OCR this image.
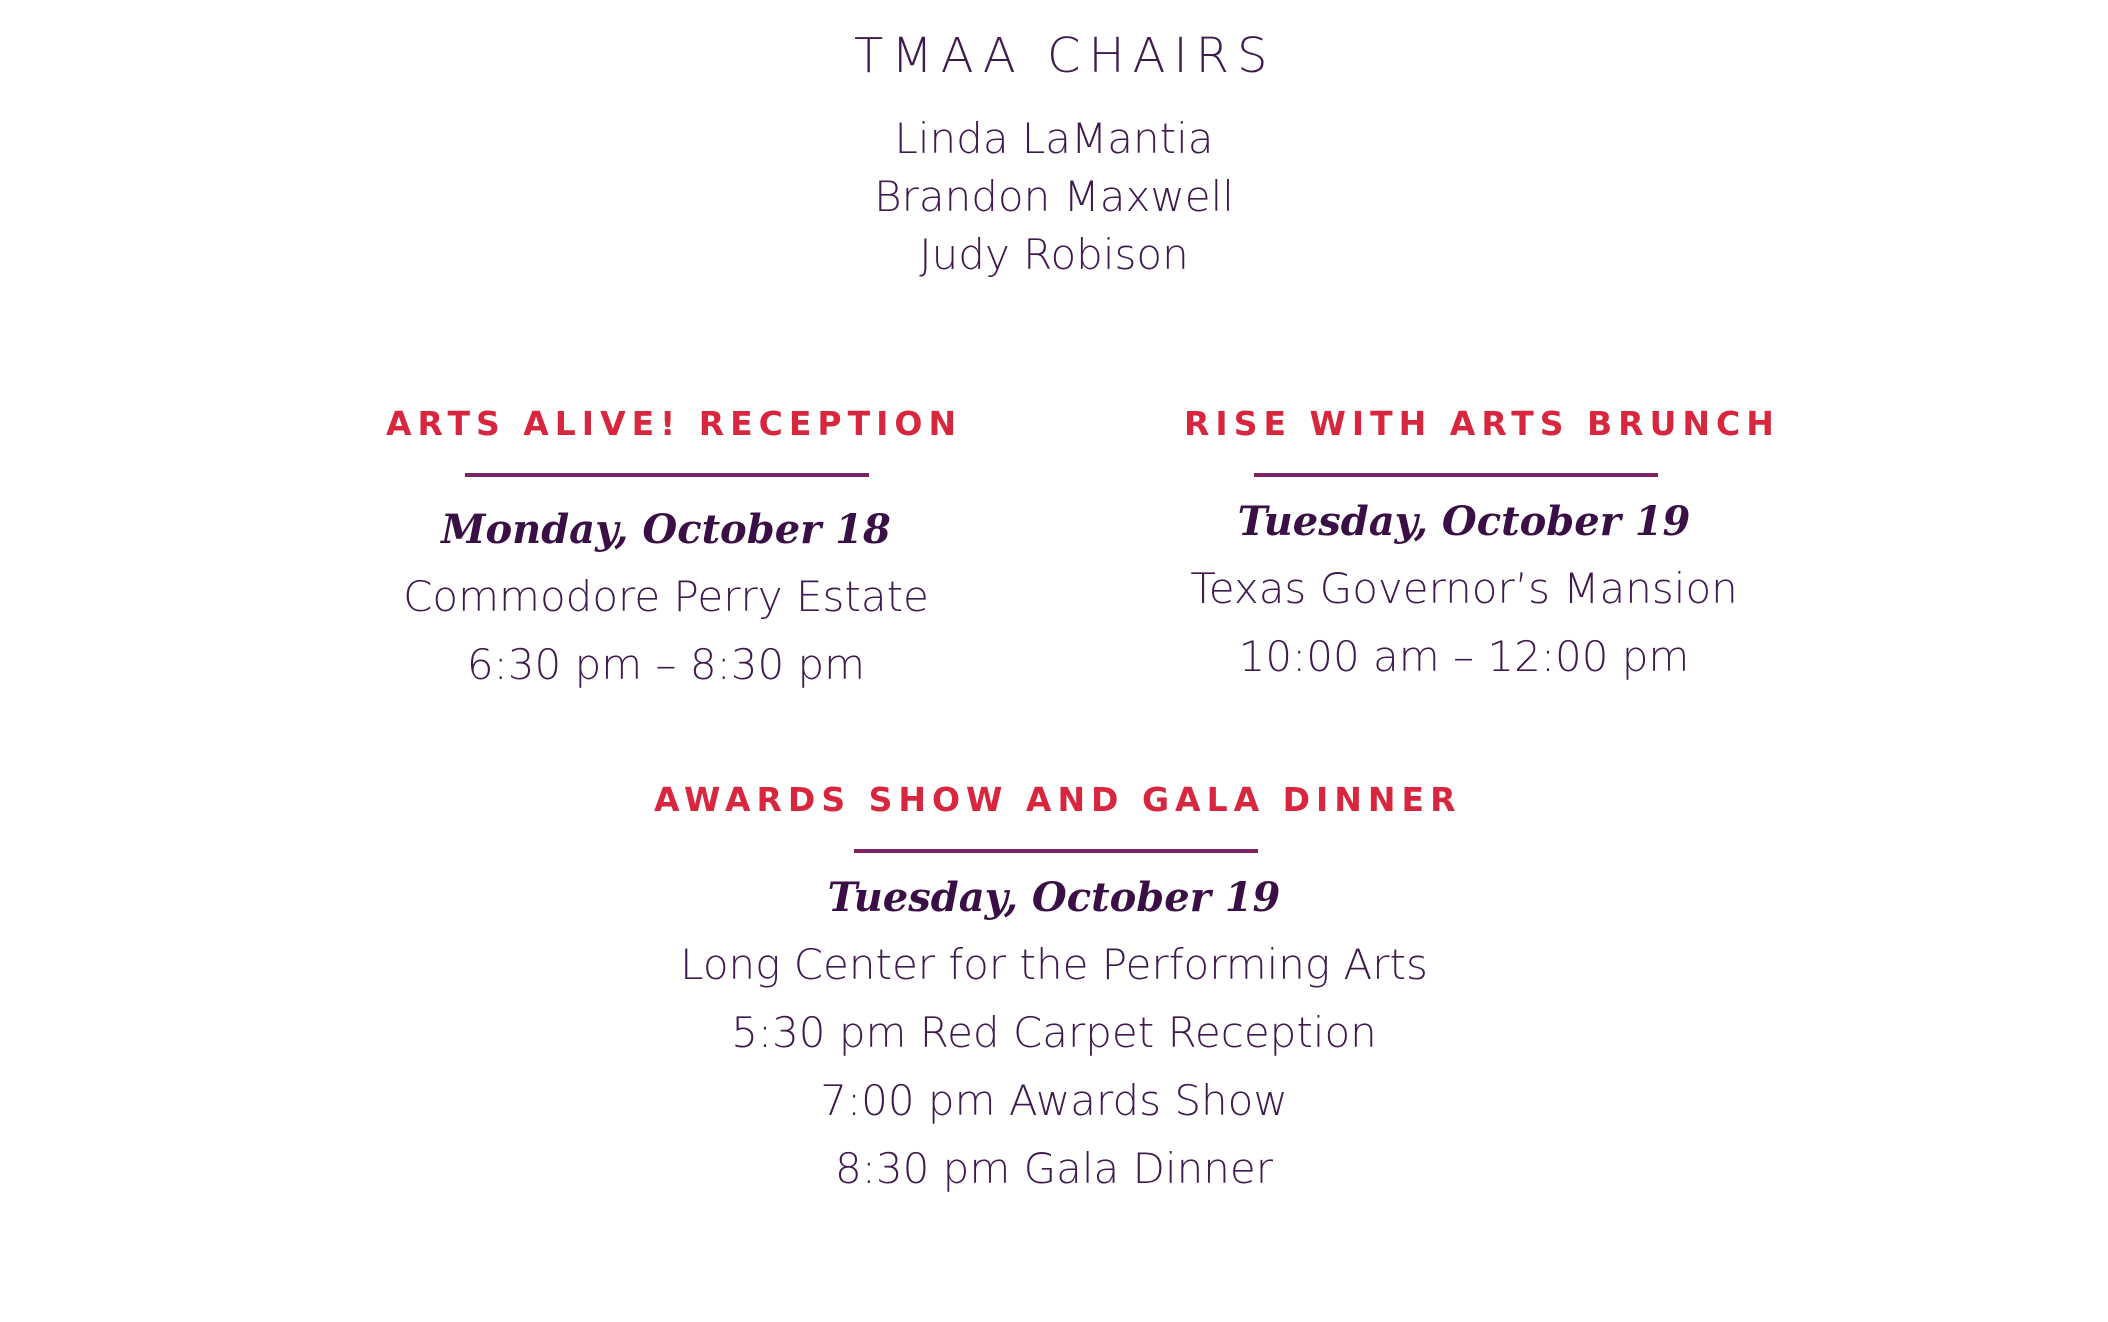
TMAA CHAIRS
Linda LaMantia
Brandon Maxwell
Judy Robison
ARTS ALIVE! RECEPTION
Monday, October 18
Commodore Perry Estate
6:30 pm – 8:30 pm
RISE WITH ARTS BRUNCH
Tuesday, October 19
Texas Governor’s Mansion
10:00 am – 12:00 pm
AWARDS SHOW AND GALA DINNER
Tuesday, October 19
Long Center for the Performing Arts
5:30 pm Red Carpet Reception
7:00 pm Awards Show
8:30 pm Gala Dinner
